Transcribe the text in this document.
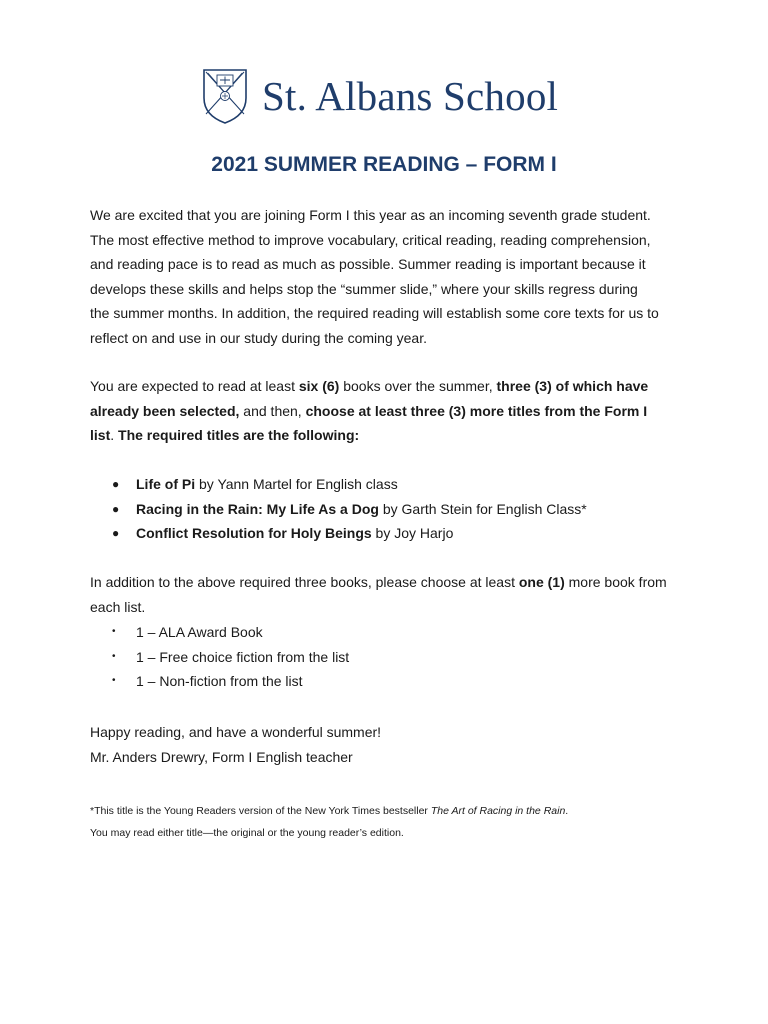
St. Albans School
2021 SUMMER READING – FORM I

We are excited that you are joining Form I this year as an incoming seventh grade student.
The most effective method to improve vocabulary, critical reading, reading comprehension,
and reading pace is to read as much as possible. Summer reading is important because it
develops these skills and helps stop the “summer slide,” where your skills regress during
the summer months. In addition, the required reading will establish some core texts for us to
reflect on and use in our study during the coming year.

You are expected to read at least six (6) books over the summer, three (3) of which have
already been selected, and then, choose at least three (3) more titles from the Form I
list. The required titles are the following:

● Life of Pi by Yann Martel for English class
● Racing in the Rain: My Life As a Dog by Garth Stein for English Class*
● Conflict Resolution for Holy Beings by Joy Harjo

In addition to the above required three books, please choose at least one (1) more book from
each list.

• 1 – ALA Award Book
• 1 – Free choice fiction from the list
• 1 – Non-fiction from the list

Happy reading, and have a wonderful summer!
Mr. Anders Drewry, Form I English teacher

*This title is the Young Readers version of the New York Times bestseller The Art of Racing in the Rain.
You may read either title—the original or the young reader’s edition.
